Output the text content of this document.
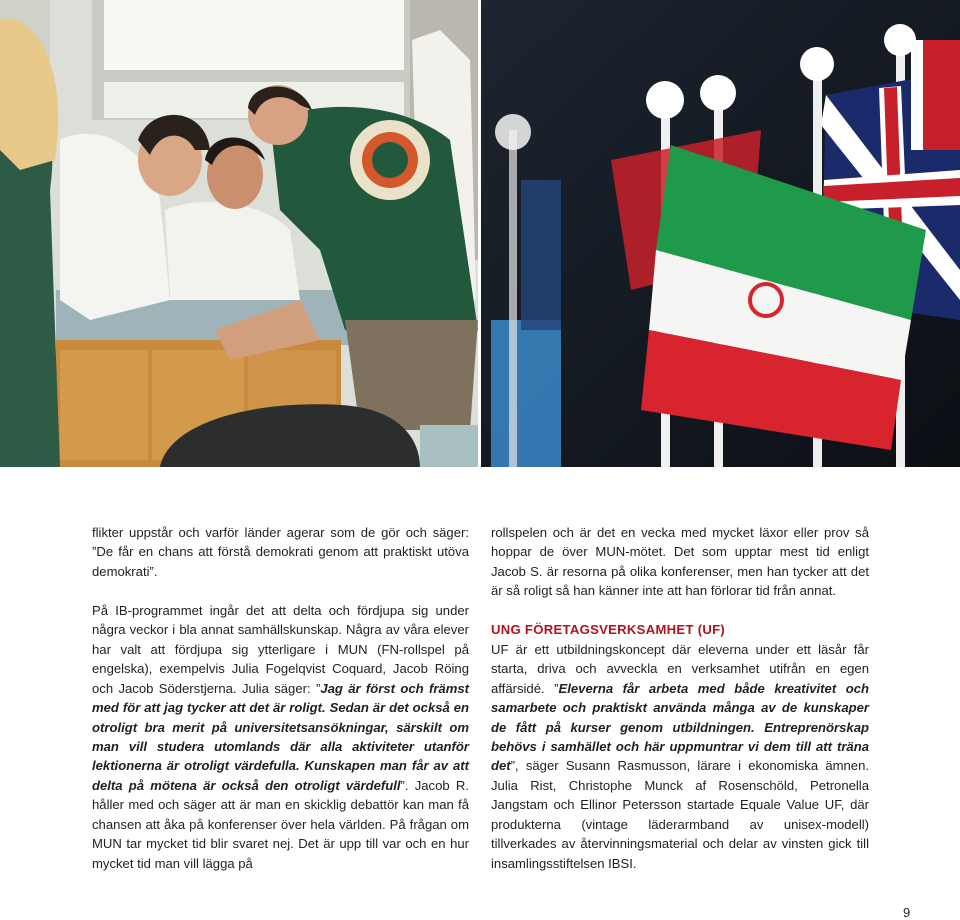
flikter uppstår och varför länder agerar som de gör och säger: ”De får en chans att förstå demokrati genom att praktiskt utöva demokrati”.

På IB-programmet ingår det att delta och fördjupa sig under några veckor i bla annat samhällskunskap. Några av våra elever har valt att fördjupa sig ytterligare i MUN (FN-rollspel på engelska), exempelvis Julia Fogelqvist Coquard, Jacob Röing och Jacob Söderstjerna. Julia säger: ”Jag är först och främst med för att jag tycker att det är roligt. Sedan är det också en otroligt bra merit på universitetsansökningar, särskilt om man vill studera utomlands där alla aktiviteter utanför lektionerna är otroligt värdefulla. Kunskapen man får av att delta på mötena är också den otroligt värdefull”. Jacob R. håller med och säger att är man en skicklig debattör kan man få chansen att åka på konferenser över hela världen. På frågan om MUN tar mycket tid blir svaret nej. Det är upp till var och en hur mycket tid man vill lägga på

rollspelen och är det en vecka med mycket läxor eller prov så hoppar de över MUN-mötet. Det som upptar mest tid enligt Jacob S. är resorna på olika konferenser, men han tycker att det är så roligt så han känner inte att han förlorar tid från annat.

UNG FÖRETAGSVERKSAMHET (UF)

UF är ett utbildningskoncept där eleverna under ett läsår får starta, driva och avveckla en verksamhet utifrån en egen affärsidé. ”Eleverna får arbeta med både kreativitet och samarbete och praktiskt använda många av de kunskaper de fått på kurser genom utbildningen. Entreprenörskap behövs i samhället och här uppmuntrar vi dem till att träna det”, säger Susann Rasmusson, lärare i ekonomiska ämnen. Julia Rist, Christophe Munck af Rosenschöld, Petronella Jangstam och Ellinor Petersson startade Equale Value UF, där produkterna (vintage läderarmband av unisex-modell) tillverkades av återvinningsmaterial och delar av vinsten gick till insamlingsstiftelsen IBSI.

9
